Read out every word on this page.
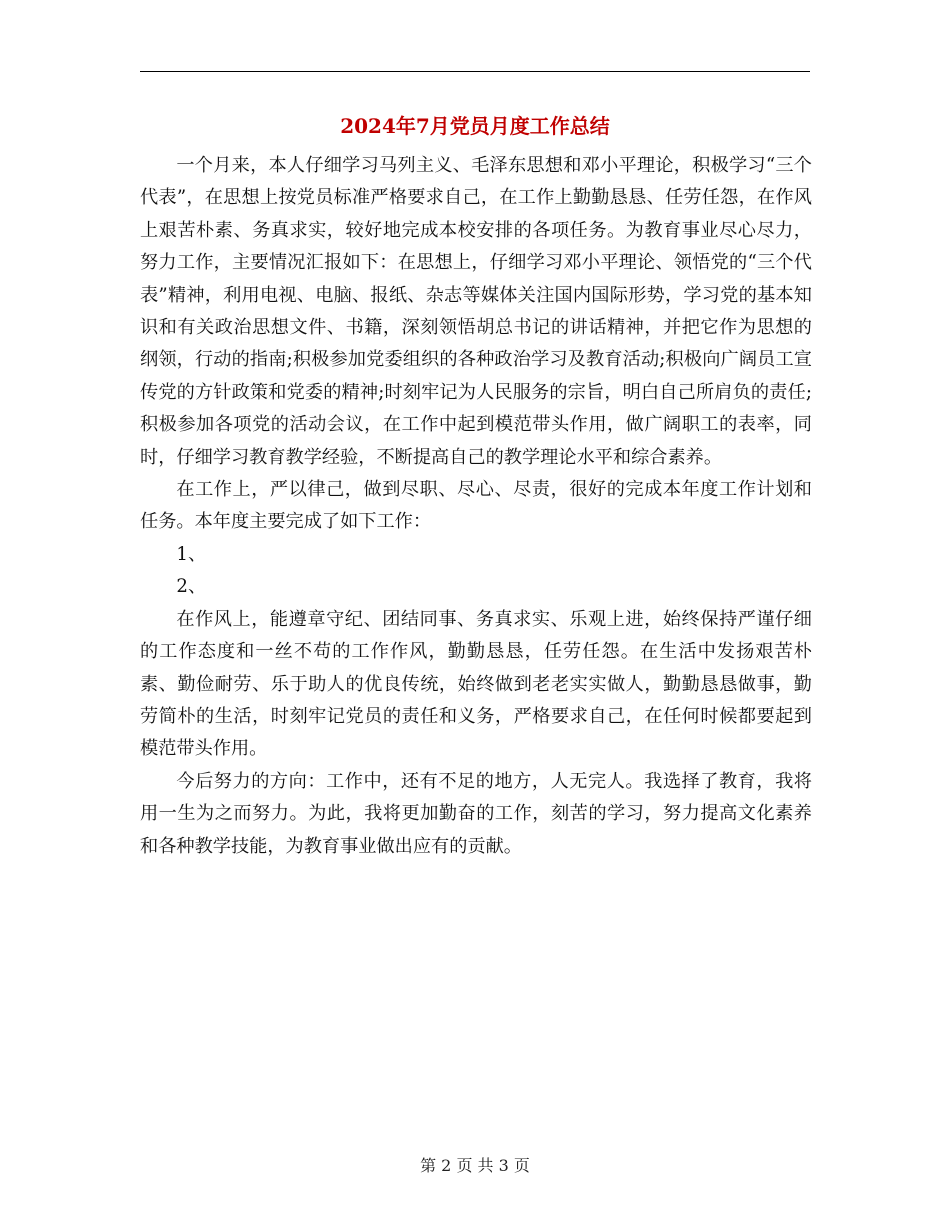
2024年7月党员月度工作总结

一个月来，本人仔细学习马列主义、毛泽东思想和邓小平理论，积极学习“三个代表”，在思想上按党员标准严格要求自己，在工作上勤勤恳恳、任劳任怨，在作风上艰苦朴素、务真求实，较好地完成本校安排的各项任务。为教育事业尽心尽力，努力工作，主要情况汇报如下：在思想上，仔细学习邓小平理论、领悟党的“三个代表”精神，利用电视、电脑、报纸、杂志等媒体关注国内国际形势，学习党的基本知识和有关政治思想文件、书籍，深刻领悟胡总书记的讲话精神，并把它作为思想的纲领，行动的指南;积极参加党委组织的各种政治学习及教育活动;积极向广阔员工宣传党的方针政策和党委的精神;时刻牢记为人民服务的宗旨，明白自己所肩负的责任;积极参加各项党的活动会议，在工作中起到模范带头作用，做广阔职工的表率，同时，仔细学习教育教学经验，不断提高自己的教学理论水平和综合素养。

在工作上，严以律己，做到尽职、尽心、尽责，很好的完成本年度工作计划和任务。本年度主要完成了如下工作：

1、

2、

在作风上，能遵章守纪、团结同事、务真求实、乐观上进，始终保持严谨仔细的工作态度和一丝不苟的工作作风，勤勤恳恳，任劳任怨。在生活中发扬艰苦朴素、勤俭耐劳、乐于助人的优良传统，始终做到老老实实做人，勤勤恳恳做事，勤劳简朴的生活，时刻牢记党员的责任和义务，严格要求自己，在任何时候都要起到模范带头作用。

今后努力的方向：工作中，还有不足的地方，人无完人。我选择了教育，我将用一生为之而努力。为此，我将更加勤奋的工作，刻苦的学习，努力提高文化素养和各种教学技能，为教育事业做出应有的贡献。

第 2 页 共 3 页
